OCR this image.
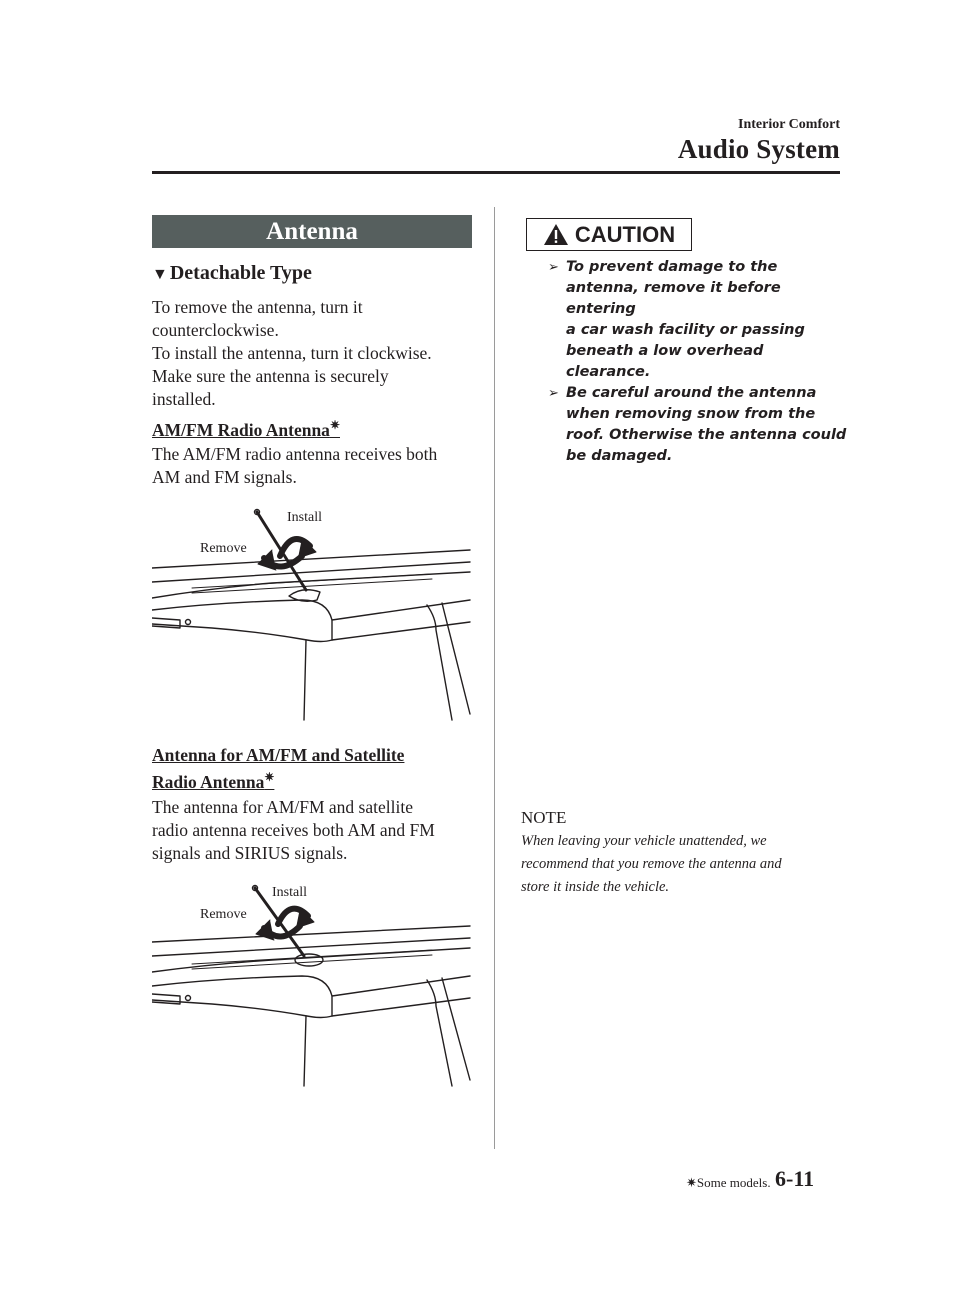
Interior Comfort
Audio System
Antenna
▼ Detachable Type
To remove the antenna, turn it
counterclockwise.
To install the antenna, turn it clockwise.
Make sure the antenna is securely
installed.
AM/FM Radio Antenna✷
The AM/FM radio antenna receives both
AM and FM signals.
Remove
Install
Antenna for AM/FM and Satellite
Radio Antenna✷
The antenna for AM/FM and satellite
radio antenna receives both AM and FM
signals and SIRIUS signals.
Remove
Install
CAUTION
➢ To prevent damage to the
antenna, remove it before entering
a car wash facility or passing
beneath a low overhead clearance.
➢ Be careful around the antenna
when removing snow from the
roof. Otherwise the antenna could
be damaged.
NOTE
When leaving your vehicle unattended, we
recommend that you remove the antenna and
store it inside the vehicle.
✷Some models. 6-11
